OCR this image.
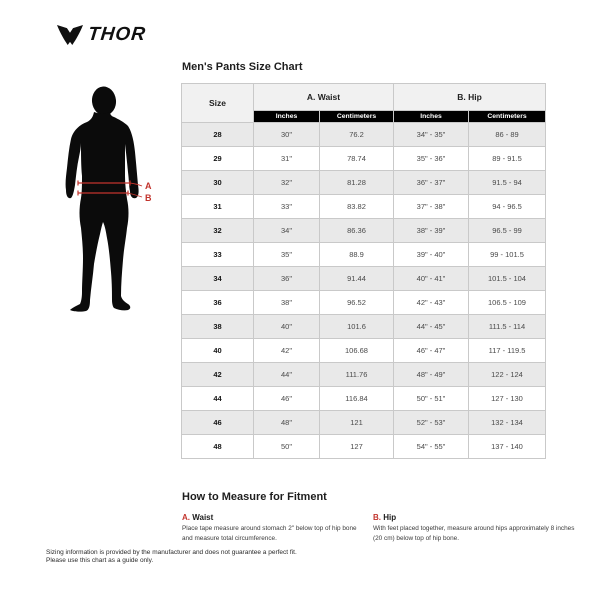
THOR
Men's Pants Size Chart
A
B
Size	A. Waist		B. Hip	
	Inches	Centimeters	Inches	Centimeters
28	30"	76.2	34" - 35"	86 - 89
29	31"	78.74	35" - 36"	89 - 91.5
30	32"	81.28	36" - 37"	91.5 - 94
31	33"	83.82	37" - 38"	94 - 96.5
32	34"	86.36	38" - 39"	96.5 - 99
33	35"	88.9	39" - 40"	99 - 101.5
34	36"	91.44	40" - 41"	101.5 - 104
36	38"	96.52	42" - 43"	106.5 - 109
38	40"	101.6	44" - 45"	111.5 - 114
40	42"	106.68	46" - 47"	117 - 119.5
42	44"	111.76	48" - 49"	122 - 124
44	46"	116.84	50" - 51"	127 - 130
46	48"	121	52" - 53"	132 - 134
48	50"	127	54" - 55"	137 - 140
How to Measure for Fitment
A. Waist
Place tape measure around stomach 2" below top of hip bone and measure total circumference.
B. Hip
With feet placed together, measure around hips approximately 8 inches (20 cm) below top of hip bone.
Sizing information is provided by the manufacturer and does not guarantee a perfect fit.
Please use this chart as a guide only.
